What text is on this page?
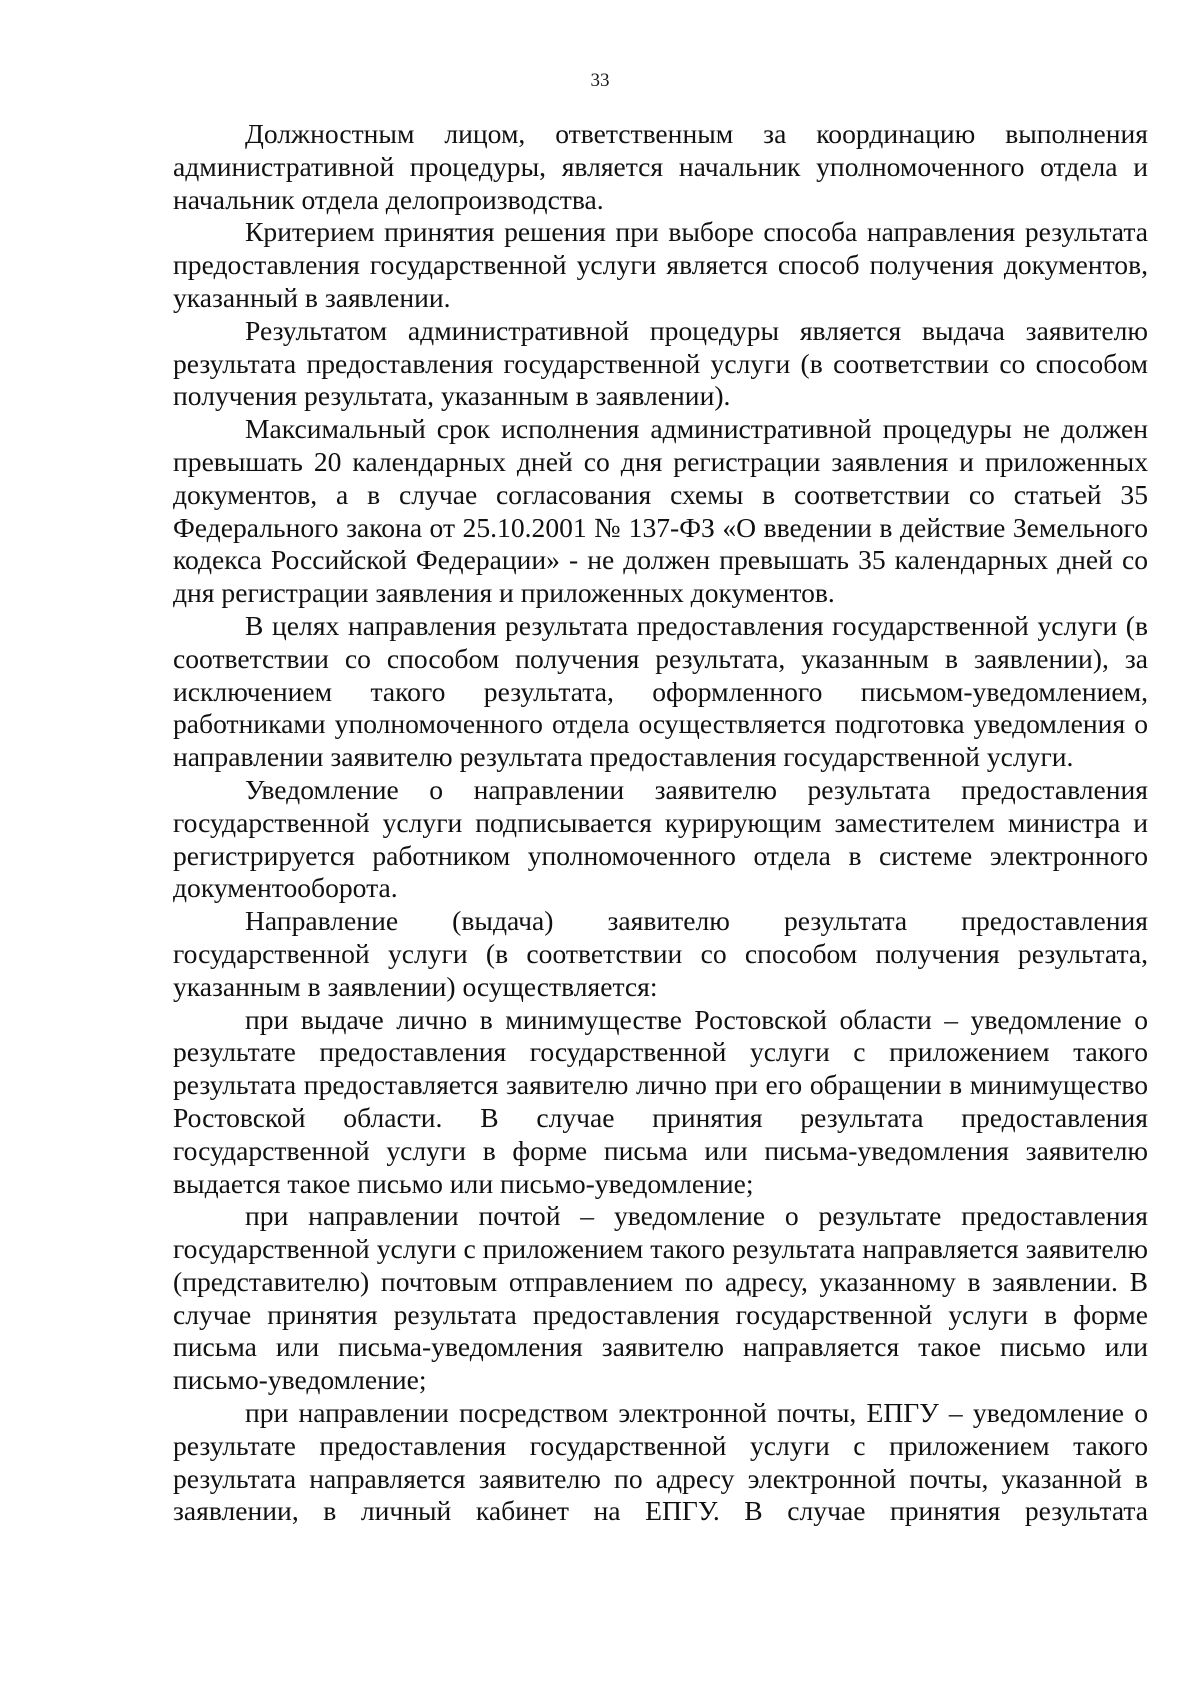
33

Должностным лицом, ответственным за координацию выполнения административной процедуры, является начальник уполномоченного отдела и начальник отдела делопроизводства.

Критерием принятия решения при выборе способа направления результата предоставления государственной услуги является способ получения документов, указанный в заявлении.

Результатом административной процедуры является выдача заявителю результата предоставления государственной услуги (в соответствии со способом получения результата, указанным в заявлении).

Максимальный срок исполнения административной процедуры не должен превышать 20 календарных дней со дня регистрации заявления и приложенных документов, а в случае согласования схемы в соответствии со статьей 35 Федерального закона от 25.10.2001 № 137-ФЗ «О введении в действие Земельного кодекса Российской Федерации» - не должен превышать 35 календарных дней со дня регистрации заявления и приложенных документов.

В целях направления результата предоставления государственной услуги (в соответствии со способом получения результата, указанным в заявлении), за исключением такого результата, оформленного письмом-уведомлением, работниками уполномоченного отдела осуществляется подготовка уведомления о направлении заявителю результата предоставления государственной услуги.

Уведомление о направлении заявителю результата предоставления государственной услуги подписывается курирующим заместителем министра и регистрируется работником уполномоченного отдела в системе электронного документооборота.

Направление (выдача) заявителю результата предоставления государственной услуги (в соответствии со способом получения результата, указанным в заявлении) осуществляется:

при выдаче лично в минимуществе Ростовской области – уведомление о результате предоставления государственной услуги с приложением такого результата предоставляется заявителю лично при его обращении в минимущество Ростовской области. В случае принятия результата предоставления государственной услуги в форме письма или письма-уведомления заявителю выдается такое письмо или письмо-уведомление;

при направлении почтой – уведомление о результате предоставления государственной услуги с приложением такого результата направляется заявителю (представителю) почтовым отправлением по адресу, указанному в заявлении. В случае принятия результата предоставления государственной услуги в форме письма или письма-уведомления заявителю направляется такое письмо или письмо-уведомление;

при направлении посредством электронной почты, ЕПГУ – уведомление о результате предоставления государственной услуги с приложением такого результата направляется заявителю по адресу электронной почты, указанной в заявлении, в личный кабинет на ЕПГУ. В случае принятия результата
